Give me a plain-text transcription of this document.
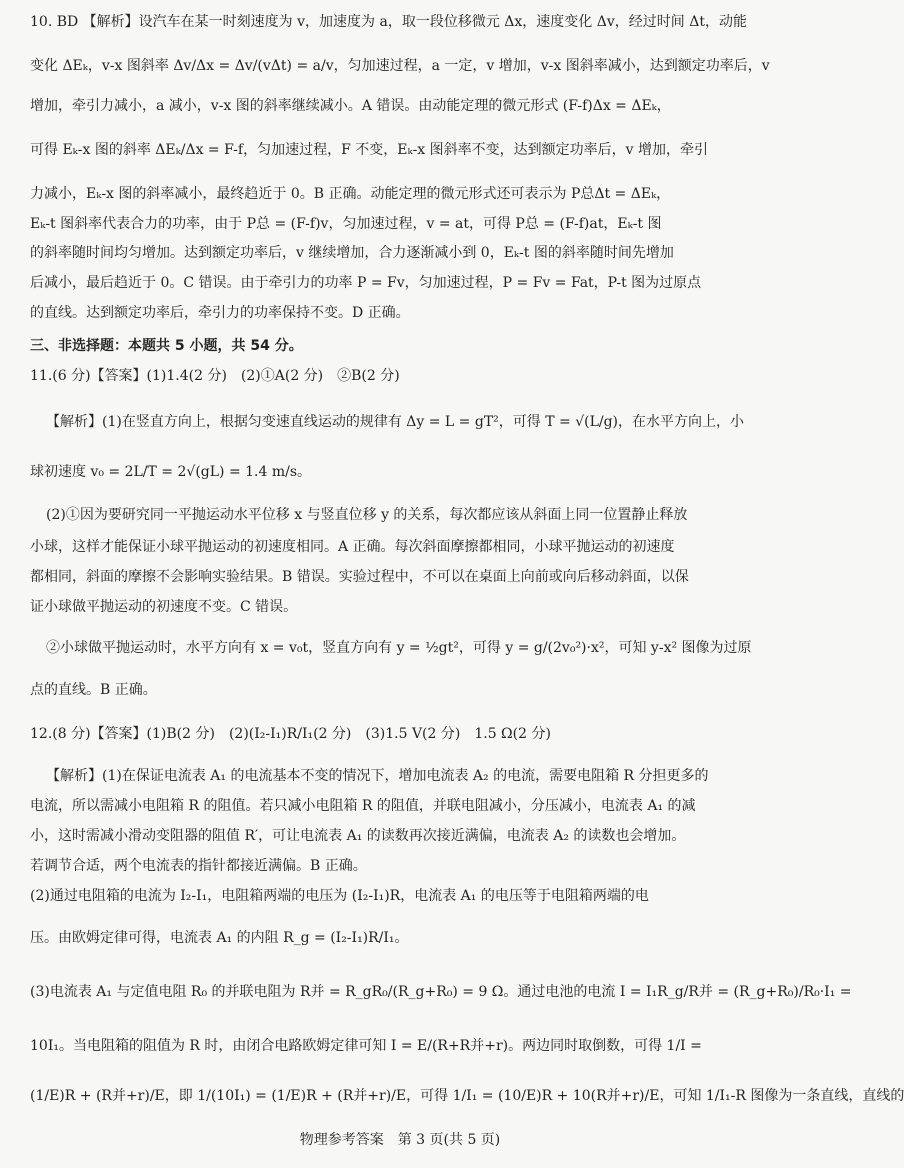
10. BD 【解析】设汽车在某一时刻速度为 v，加速度为 a，取一段位移微元 Δx，速度变化 Δv，经过时间 Δt，动能
变化 ΔEₖ，v-x 图斜率 Δv/Δx = Δv/(vΔt) = a/v，匀加速过程，a 一定，v 增加，v-x 图斜率减小，达到额定功率后，v
增加，牵引力减小，a 减小，v-x 图的斜率继续减小。A 错误。由动能定理的微元形式 (F-f)Δx = ΔEₖ，
可得 Eₖ-x 图的斜率 ΔEₖ/Δx = F-f，匀加速过程，F 不变，Eₖ-x 图斜率不变，达到额定功率后，v 增加，牵引
力减小，Eₖ-x 图的斜率减小，最终趋近于 0。B 正确。动能定理的微元形式还可表示为 P总Δt = ΔEₖ，
Eₖ-t 图斜率代表合力的功率，由于 P总 = (F-f)v，匀加速过程，v = at，可得 P总 = (F-f)at，Eₖ-t 图
的斜率随时间均匀增加。达到额定功率后，v 继续增加，合力逐渐减小到 0，Eₖ-t 图的斜率随时间先增加
后减小，最后趋近于 0。C 错误。由于牵引力的功率 P = Fv，匀加速过程，P = Fv = Fat，P-t 图为过原点
的直线。达到额定功率后，牵引力的功率保持不变。D 正确。
三、非选择题：本题共 5 小题，共 54 分。
11.(6 分)【答案】(1)1.4(2 分)　(2)①A(2 分)　②B(2 分)
【解析】(1)在竖直方向上，根据匀变速直线运动的规律有 Δy = L = gT²，可得 T = √(L/g)，在水平方向上，小
球初速度 v₀ = 2L/T = 2√(gL) = 1.4 m/s。
(2)①因为要研究同一平抛运动水平位移 x 与竖直位移 y 的关系，每次都应该从斜面上同一位置静止释放
小球，这样才能保证小球平抛运动的初速度相同。A 正确。每次斜面摩擦都相同，小球平抛运动的初速度
都相同，斜面的摩擦不会影响实验结果。B 错误。实验过程中，不可以在桌面上向前或向后移动斜面，以保
证小球做平抛运动的初速度不变。C 错误。
②小球做平抛运动时，水平方向有 x = v₀t，竖直方向有 y = ½gt²，可得 y = g/(2v₀²)·x²，可知 y-x² 图像为过原
点的直线。B 正确。
12.(8 分)【答案】(1)B(2 分)　(2)(I₂-I₁)R/I₁(2 分)　(3)1.5 V(2 分)　1.5 Ω(2 分)
【解析】(1)在保证电流表 A₁ 的电流基本不变的情况下，增加电流表 A₂ 的电流，需要电阻箱 R 分担更多的
电流，所以需减小电阻箱 R 的阻值。若只减小电阻箱 R 的阻值，并联电阻减小，分压减小，电流表 A₁ 的减
小，这时需减小滑动变阻器的阻值 R′，可让电流表 A₁ 的读数再次接近满偏，电流表 A₂ 的读数也会增加。
若调节合适，两个电流表的指针都接近满偏。B 正确。
(2)通过电阻箱的电流为 I₂-I₁，电阻箱两端的电压为 (I₂-I₁)R，电流表 A₁ 的电压等于电阻箱两端的电
压。由欧姆定律可得，电流表 A₁ 的内阻 R_g = (I₂-I₁)R/I₁。
(3)电流表 A₁ 与定值电阻 R₀ 的并联电阻为 R并 = R_gR₀/(R_g+R₀) = 9 Ω。通过电池的电流 I = I₁R_g/R并 = (R_g+R₀)/R₀·I₁ =
10I₁。当电阻箱的阻值为 R 时，由闭合电路欧姆定律可知 I = E/(R+R并+r)。两边同时取倒数，可得 1/I =
(1/E)R + (R并+r)/E，即 1/(10I₁) = (1/E)R + (R并+r)/E，可得 1/I₁ = (10/E)R + 10(R并+r)/E，可知 1/I₁-R 图像为一条直线，直线的
物理参考答案　第 3 页(共 5 页)
